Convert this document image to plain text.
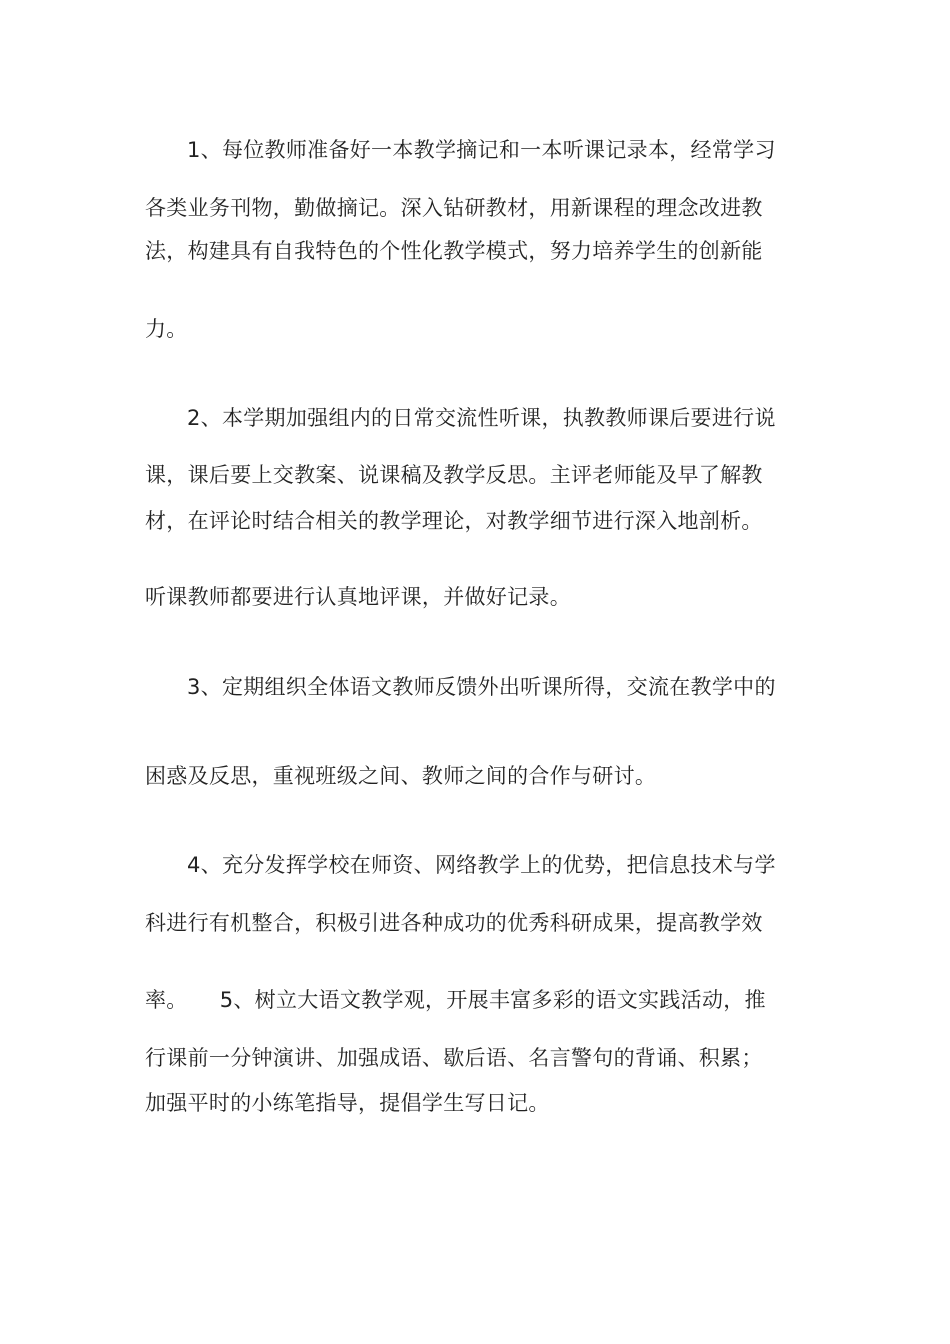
1、每位教师准备好一本教学摘记和一本听课记录本，经常学习
各类业务刊物，勤做摘记。深入钻研教材，用新课程的理念改进教
法，构建具有自我特色的个性化教学模式，努力培养学生的创新能
力。
2、本学期加强组内的日常交流性听课，执教教师课后要进行说
课，课后要上交教案、说课稿及教学反思。主评老师能及早了解教
材，在评论时结合相关的教学理论，对教学细节进行深入地剖析。
听课教师都要进行认真地评课，并做好记录。
3、定期组织全体语文教师反馈外出听课所得，交流在教学中的
困惑及反思，重视班级之间、教师之间的合作与研讨。
4、充分发挥学校在师资、网络教学上的优势，把信息技术与学
科进行有机整合，积极引进各种成功的优秀科研成果，提高教学效
率。　　5、树立大语文教学观，开展丰富多彩的语文实践活动，推
行课前一分钟演讲、加强成语、歇后语、名言警句的背诵、积累；
加强平时的小练笔指导，提倡学生写日记。
